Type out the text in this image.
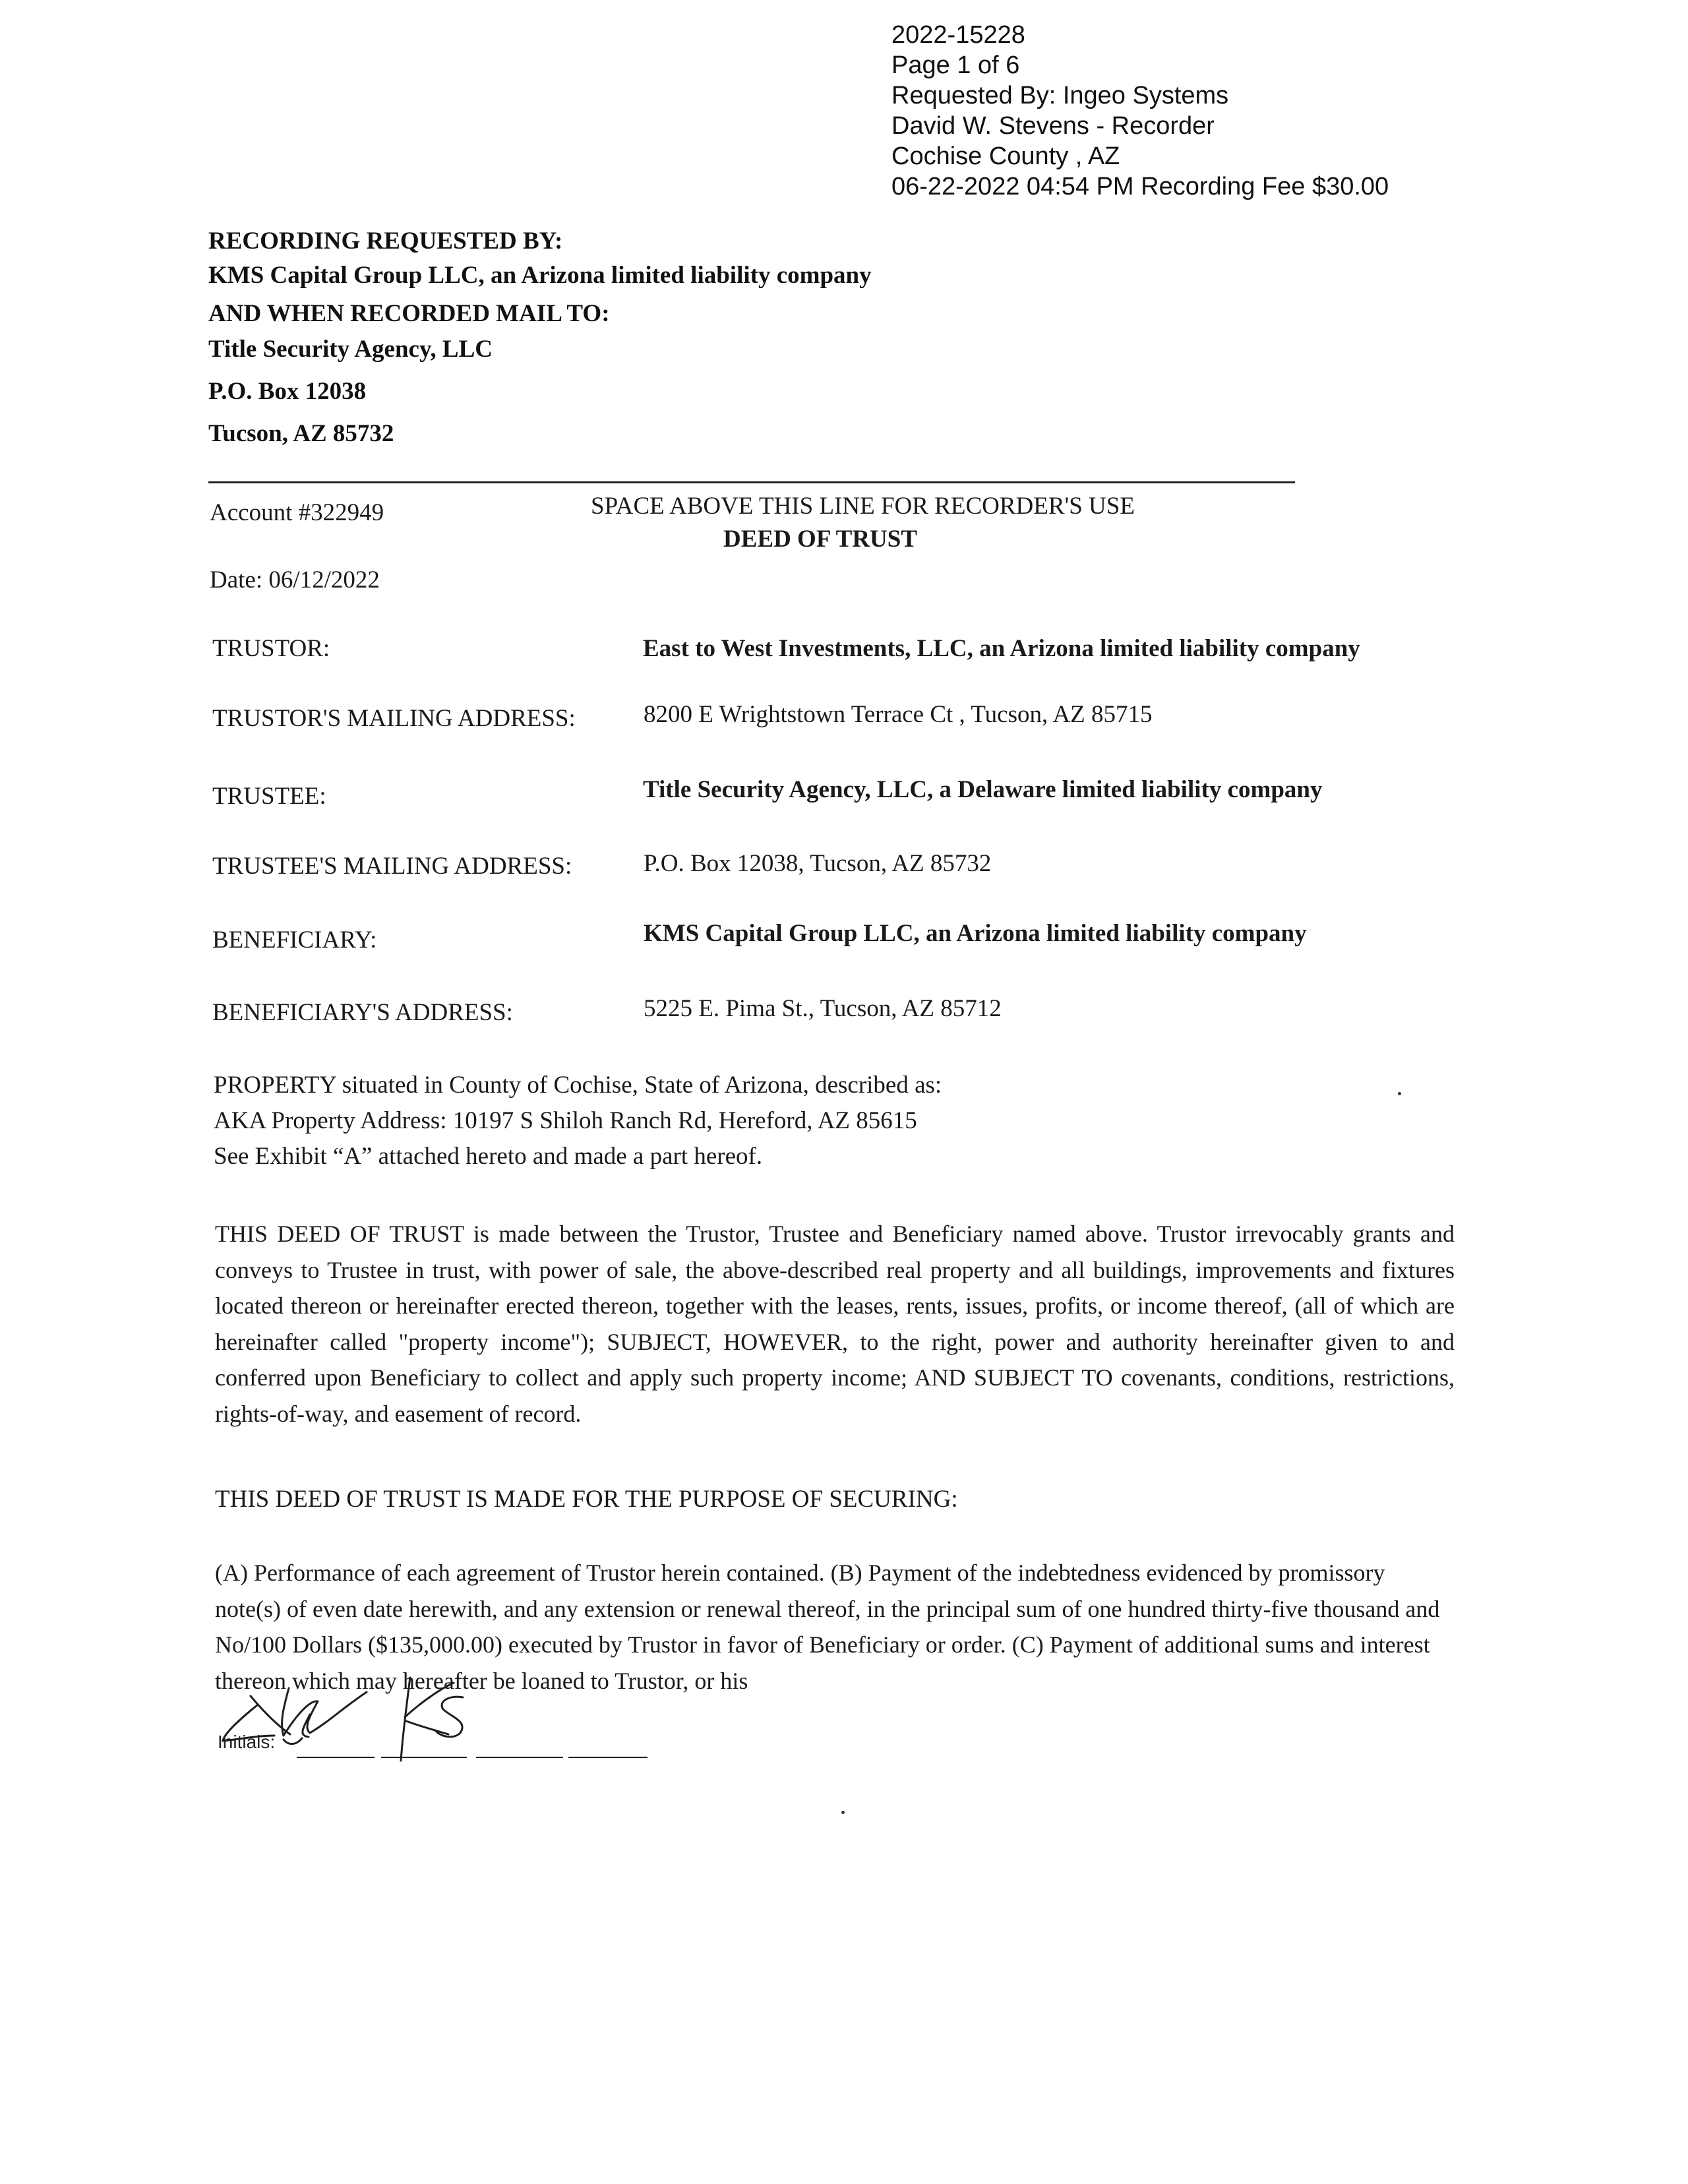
2022-15228
Page 1 of 6
Requested By: Ingeo Systems
David W. Stevens - Recorder
Cochise County , AZ
06-22-2022 04:54 PM Recording Fee $30.00
RECORDING REQUESTED BY:
KMS Capital Group LLC, an Arizona limited liability company
AND WHEN RECORDED MAIL TO:
Title Security Agency, LLC
P.O. Box 12038
Tucson, AZ 85732
Account #322949	SPACE ABOVE THIS LINE FOR RECORDER'S USE
DEED OF TRUST
Date: 06/12/2022
TRUSTOR:	East to West Investments, LLC, an Arizona limited liability company
TRUSTOR'S MAILING ADDRESS:	8200 E Wrightstown Terrace Ct , Tucson, AZ 85715
TRUSTEE:	Title Security Agency, LLC, a Delaware limited liability company
TRUSTEE'S MAILING ADDRESS:	P.O. Box 12038, Tucson, AZ 85732
BENEFICIARY:	KMS Capital Group LLC, an Arizona limited liability company
BENEFICIARY'S ADDRESS:	5225 E. Pima St., Tucson, AZ 85712
PROPERTY situated in County of Cochise, State of Arizona, described as:
AKA Property Address: 10197 S Shiloh Ranch Rd, Hereford, AZ 85615
See Exhibit “A” attached hereto and made a part hereof.
THIS DEED OF TRUST is made between the Trustor, Trustee and Beneficiary named above. Trustor irrevocably grants and conveys to Trustee in trust, with power of sale, the above-described real property and all buildings, improvements and fixtures located thereon or hereinafter erected thereon, together with the leases, rents, issues, profits, or income thereof, (all of which are hereinafter called "property income"); SUBJECT, HOWEVER, to the right, power and authority hereinafter given to and conferred upon Beneficiary to collect and apply such property income; AND SUBJECT TO covenants, conditions, restrictions, rights-of-way, and easement of record.
THIS DEED OF TRUST IS MADE FOR THE PURPOSE OF SECURING:
(A) Performance of each agreement of Trustor herein contained. (B) Payment of the indebtedness evidenced by promissory note(s) of even date herewith, and any extension or renewal thereof, in the principal sum of one hundred thirty-five thousand and No/100 Dollars ($135,000.00) executed by Trustor in favor of Beneficiary or order. (C) Payment of additional sums and interest thereon which may hereafter be loaned to Trustor, or his
Initials:
